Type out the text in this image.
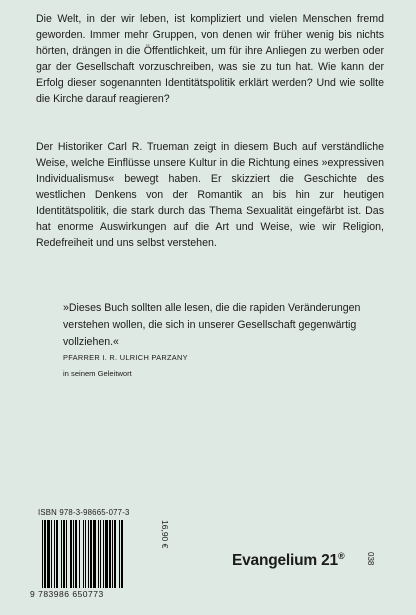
Die Welt, in der wir leben, ist kompliziert und vielen Menschen fremd geworden. Immer mehr Gruppen, von denen wir früher wenig bis nichts hörten, drängen in die Öffentlichkeit, um für ihre Anliegen zu werben oder gar der Gesellschaft vorzuschreiben, was sie zu tun hat. Wie kann der Erfolg dieser sogenannten Identitätspolitik erklärt werden? Und wie sollte die Kirche darauf reagieren?

Der Historiker Carl R. Trueman zeigt in diesem Buch auf verständliche Weise, welche Einflüsse unsere Kultur in die Richtung eines »expressiven Individualismus« bewegt haben. Er skizziert die Geschichte des westlichen Denkens von der Romantik an bis hin zur heutigen Identitätspolitik, die stark durch das Thema Sexualität eingefärbt ist. Das hat enorme Auswirkungen auf die Art und Weise, wie wir Religion, Redefreiheit und uns selbst verstehen.

»Dieses Buch sollten alle lesen, die die rapiden Veränderungen verstehen wollen, die sich in unserer Gesellschaft gegenwärtig vollziehen.«

PFARRER I. R. ULRICH PARZANY

in seinem Geleitwort

ISBN 978-3-98665-077-3

9 783986 650773

16,90 €

Evangelium 21®	038
